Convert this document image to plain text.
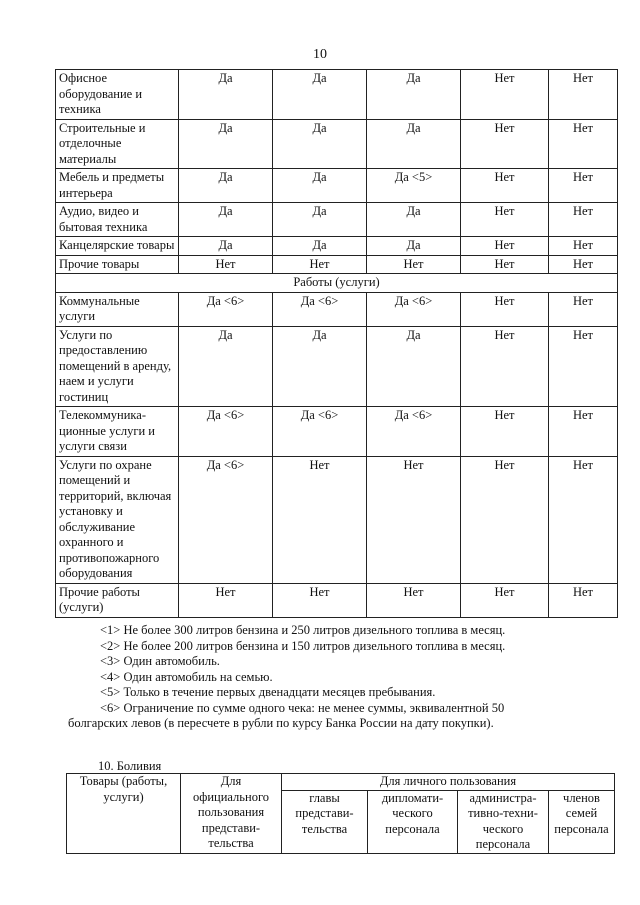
10
Офисное оборудование и техника	Да	Да	Да	Нет	Нет
Строительные и отделочные материалы	Да	Да	Да	Нет	Нет
Мебель и предметы интерьера	Да	Да	Да <5>	Нет	Нет
Аудио, видео и бытовая техника	Да	Да	Да	Нет	Нет
Канцелярские товары	Да	Да	Да	Нет	Нет
Прочие товары	Нет	Нет	Нет	Нет	Нет
Работы (услуги)					
Коммунальные услуги	Да <6>	Да <6>	Да <6>	Нет	Нет
Услуги по предоставлению помещений в аренду, наем и услуги гостиниц	Да	Да	Да	Нет	Нет
Телекоммуника-ционные услуги и услуги связи	Да <6>	Да <6>	Да <6>	Нет	Нет
Услуги по охране помещений и территорий, включая установку и обслуживание охранного и противопожарного оборудования	Да <6>	Нет	Нет	Нет	Нет
Прочие работы (услуги)	Нет	Нет	Нет	Нет	Нет
<1> Не более 300 литров бензина и 250 литров дизельного топлива в месяц.
<2> Не более 200 литров бензина и 150 литров дизельного топлива в месяц.
<3> Один автомобиль.
<4> Один автомобиль на семью.
<5> Только в течение первых двенадцати месяцев пребывания.
<6> Ограничение по сумме одного чека: не менее суммы, эквивалентной 50
болгарских левов (в пересчете в рубли по курсу Банка России на дату покупки).
10. Боливия
Товары (работы, услуги)	Для официального пользования представи-тельства	Для личного пользования			
		главы представи-тельства	дипломати-ческого персонала	администра-тивно-техни-ческого персонала	членов семей персонала
